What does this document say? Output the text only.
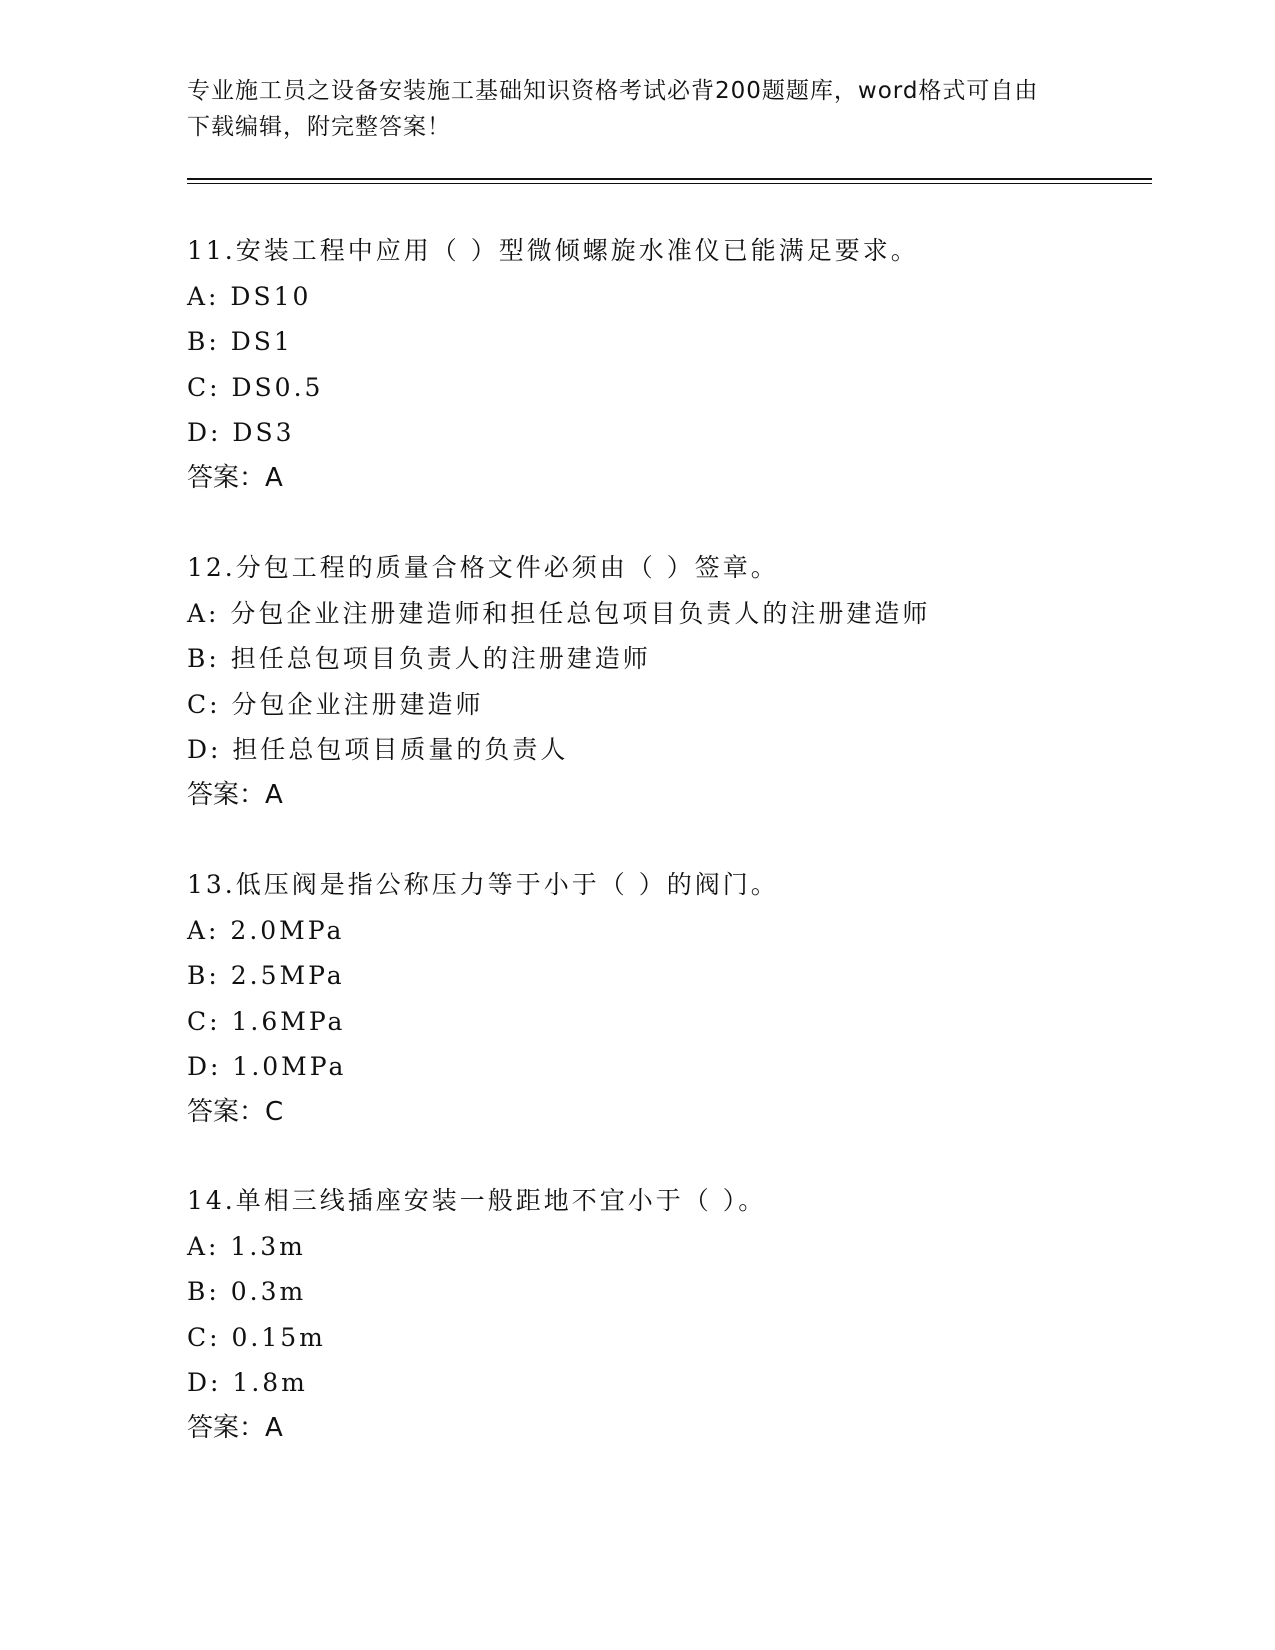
专业施工员之设备安装施工基础知识资格考试必背200题题库，word格式可自由
下载编辑，附完整答案！
11.安装工程中应用（ ）型微倾螺旋水准仪已能满足要求。
A: DS10
B: DS1
C: DS0.5
D: DS3
答案：A
12.分包工程的质量合格文件必须由（ ）签章。
A: 分包企业注册建造师和担任总包项目负责人的注册建造师
B: 担任总包项目负责人的注册建造师
C: 分包企业注册建造师
D: 担任总包项目质量的负责人
答案：A
13.低压阀是指公称压力等于小于（ ）的阀门。
A: 2.0MPa
B: 2.5MPa
C: 1.6MPa
D: 1.0MPa
答案：C
14.单相三线插座安装一般距地不宜小于（ ）。
A: 1.3m
B: 0.3m
C: 0.15m
D: 1.8m
答案：A
